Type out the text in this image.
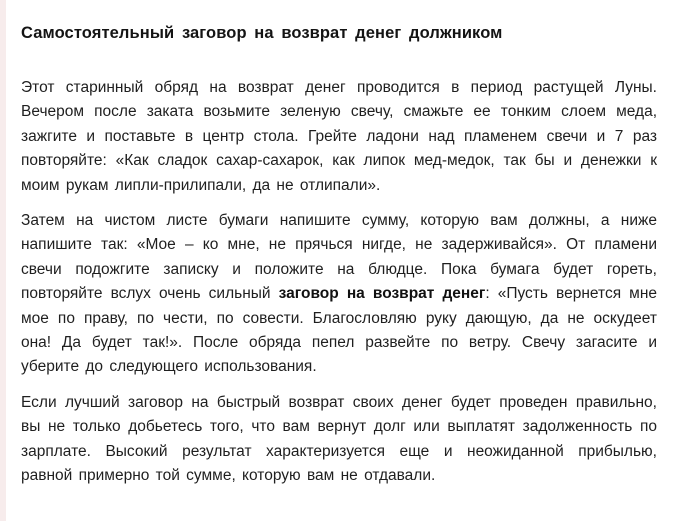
Самостоятельный заговор на возврат денег должником

Этот старинный обряд на возврат денег проводится в период растущей Луны. Вечером после заката возьмите зеленую свечу, смажьте ее тонким слоем меда, зажгите и поставьте в центр стола. Грейте ладони над пламенем свечи и 7 раз повторяйте: «Как сладок сахар-сахарок, как липок мед-медок, так бы и денежки к моим рукам липли-прилипали, да не отлипали».

Затем на чистом листе бумаги напишите сумму, которую вам должны, а ниже напишите так: «Мое – ко мне, не прячься нигде, не задерживайся». От пламени свечи подожгите записку и положите на блюдце. Пока бумага будет гореть, повторяйте вслух очень сильный заговор на возврат денег: «Пусть вернется мне мое по праву, по чести, по совести. Благословляю руку дающую, да не оскудеет она! Да будет так!». После обряда пепел развейте по ветру. Свечу загасите и уберите до следующего использования.

Если лучший заговор на быстрый возврат своих денег будет проведен правильно, вы не только добьетесь того, что вам вернут долг или выплатят задолженность по зарплате. Высокий результат характеризуется еще и неожиданной прибылью, равной примерно той сумме, которую вам не отдавали.
